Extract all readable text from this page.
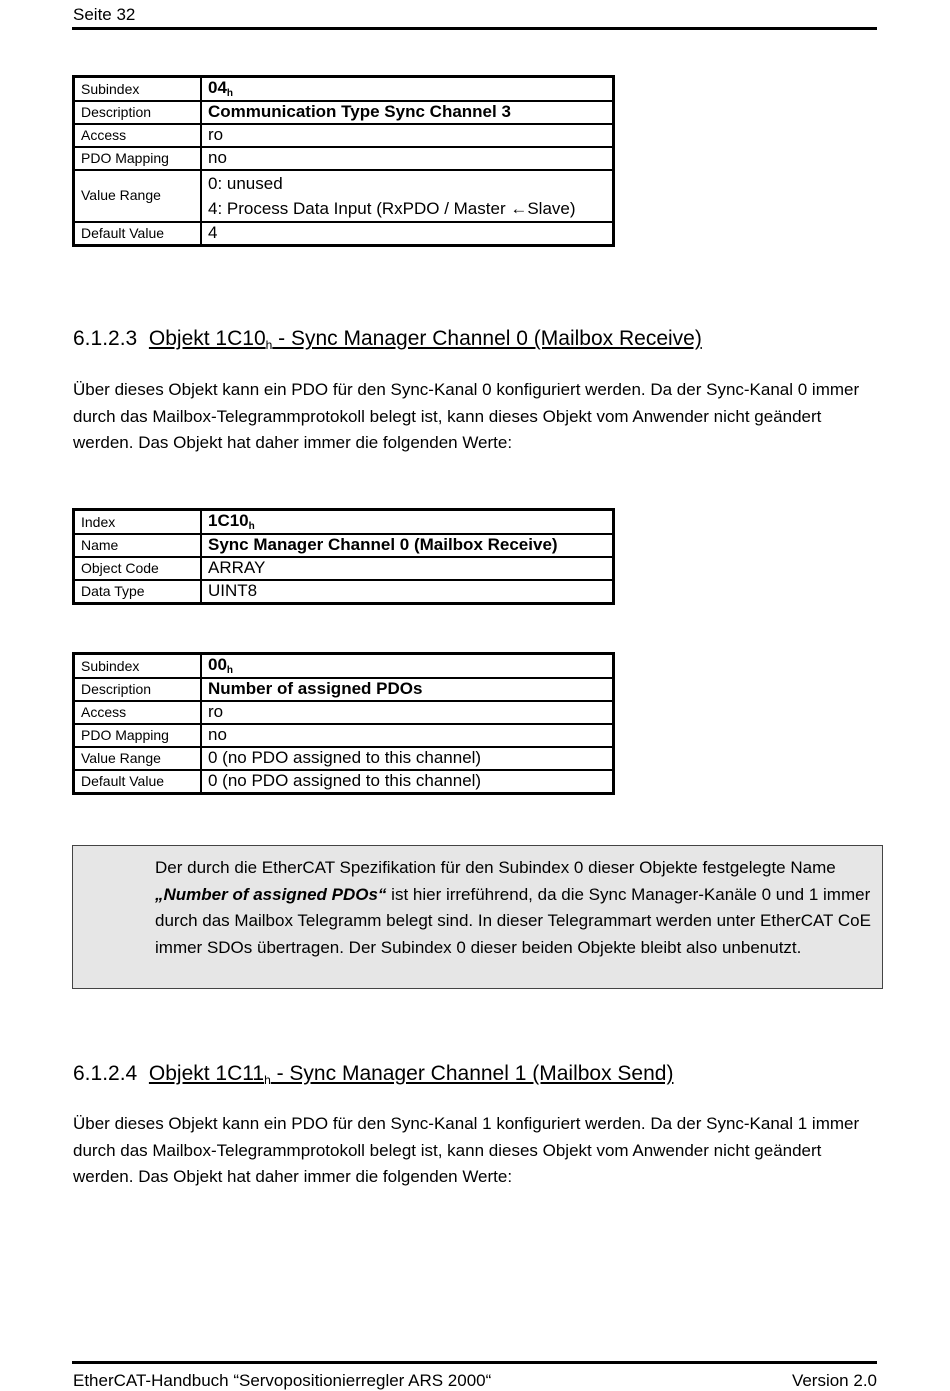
Seite 32
Subindex	$04_h$
Description	Communication Type Sync Channel 3
Access	ro
PDO Mapping	no
Value Range	0: unused
4: Process Data Input (RxPDO / Master ←Slave)

Default Value	4
6.1.2.3 Objekt $1C10_h$ - Sync Manager Channel 0 (Mailbox Receive)

Über dieses Objekt kann ein PDO für den Sync-Kanal 0 konfiguriert werden. Da der Sync-Kanal 0 immer durch das Mailbox-Telegrammprotokoll belegt ist, kann dieses Objekt vom Anwender nicht geändert werden. Das Objekt hat daher immer die folgenden Werte:

Index	$1C10_h$
Name	Sync Manager Channel 0 (Mailbox Receive)
Object Code	ARRAY
Data Type	UINT8
Subindex	$00_h$
Description	Number of assigned PDOs
Access	ro
PDO Mapping	no
Value Range	0 (no PDO assigned to this channel)
Default Value	0 (no PDO assigned to this channel)

Der durch die EtherCAT Spezifikation für den Subindex 0 dieser Objekte festgelegte Name „Number of assigned PDOs“ ist hier irreführend, da die Sync Manager-Kanäle 0 und 1 immer durch das Mailbox Telegramm belegt sind. In dieser Telegrammart werden unter EtherCAT CoE immer SDOs übertragen. Der Subindex 0 dieser beiden Objekte bleibt also unbenutzt.

6.1.2.4 Objekt $1C11_h$ - Sync Manager Channel 1 (Mailbox Send)

Über dieses Objekt kann ein PDO für den Sync-Kanal 1 konfiguriert werden. Da der Sync-Kanal 1 immer durch das Mailbox-Telegrammprotokoll belegt ist, kann dieses Objekt vom Anwender nicht geändert werden. Das Objekt hat daher immer die folgenden Werte:

EtherCAT-Handbuch “Servopositionierregler ARS 2000“	Version 2.0
